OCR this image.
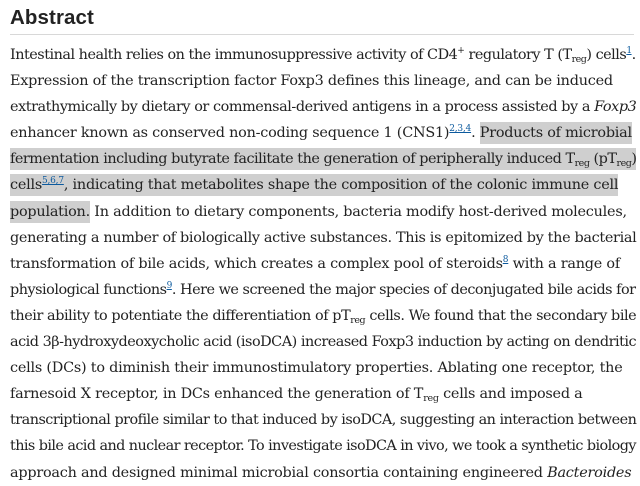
Abstract
Intestinal health relies on the immunosuppressive activity of CD4+ regulatory T $(T_{reg})$ cells$^1$.
Expression of the transcription factor Foxp3 defines this lineage, and can be induced
extrathymically by dietary or commensal-derived antigens in a process assisted by a Foxp3
enhancer known as conserved non-coding sequence 1 (CNS1)$^{2,3,4}$. Products of microbial
fermentation including butyrate facilitate the generation of peripherally induced $T_{reg}$ $(pT_{reg})$
cells$^{5,6,7}$, indicating that metabolites shape the composition of the colonic immune cell
population. In addition to dietary components, bacteria modify host-derived molecules,
generating a number of biologically active substances. This is epitomized by the bacterial
transformation of bile acids, which creates a complex pool of steroids$^8$ with a range of
physiological functions$^9$. Here we screened the major species of deconjugated bile acids for
their ability to potentiate the differentiation of $pT_{reg}$ cells. We found that the secondary bile
acid 3β-hydroxydeoxycholic acid (isoDCA) increased Foxp3 induction by acting on dendritic
cells (DCs) to diminish their immunostimulatory properties. Ablating one receptor, the
farnesoid X receptor, in DCs enhanced the generation of $T_{reg}$ cells and imposed a
transcriptional profile similar to that induced by isoDCA, suggesting an interaction between
this bile acid and nuclear receptor. To investigate isoDCA in vivo, we took a synthetic biology
approach and designed minimal microbial consortia containing engineered Bacteroides
